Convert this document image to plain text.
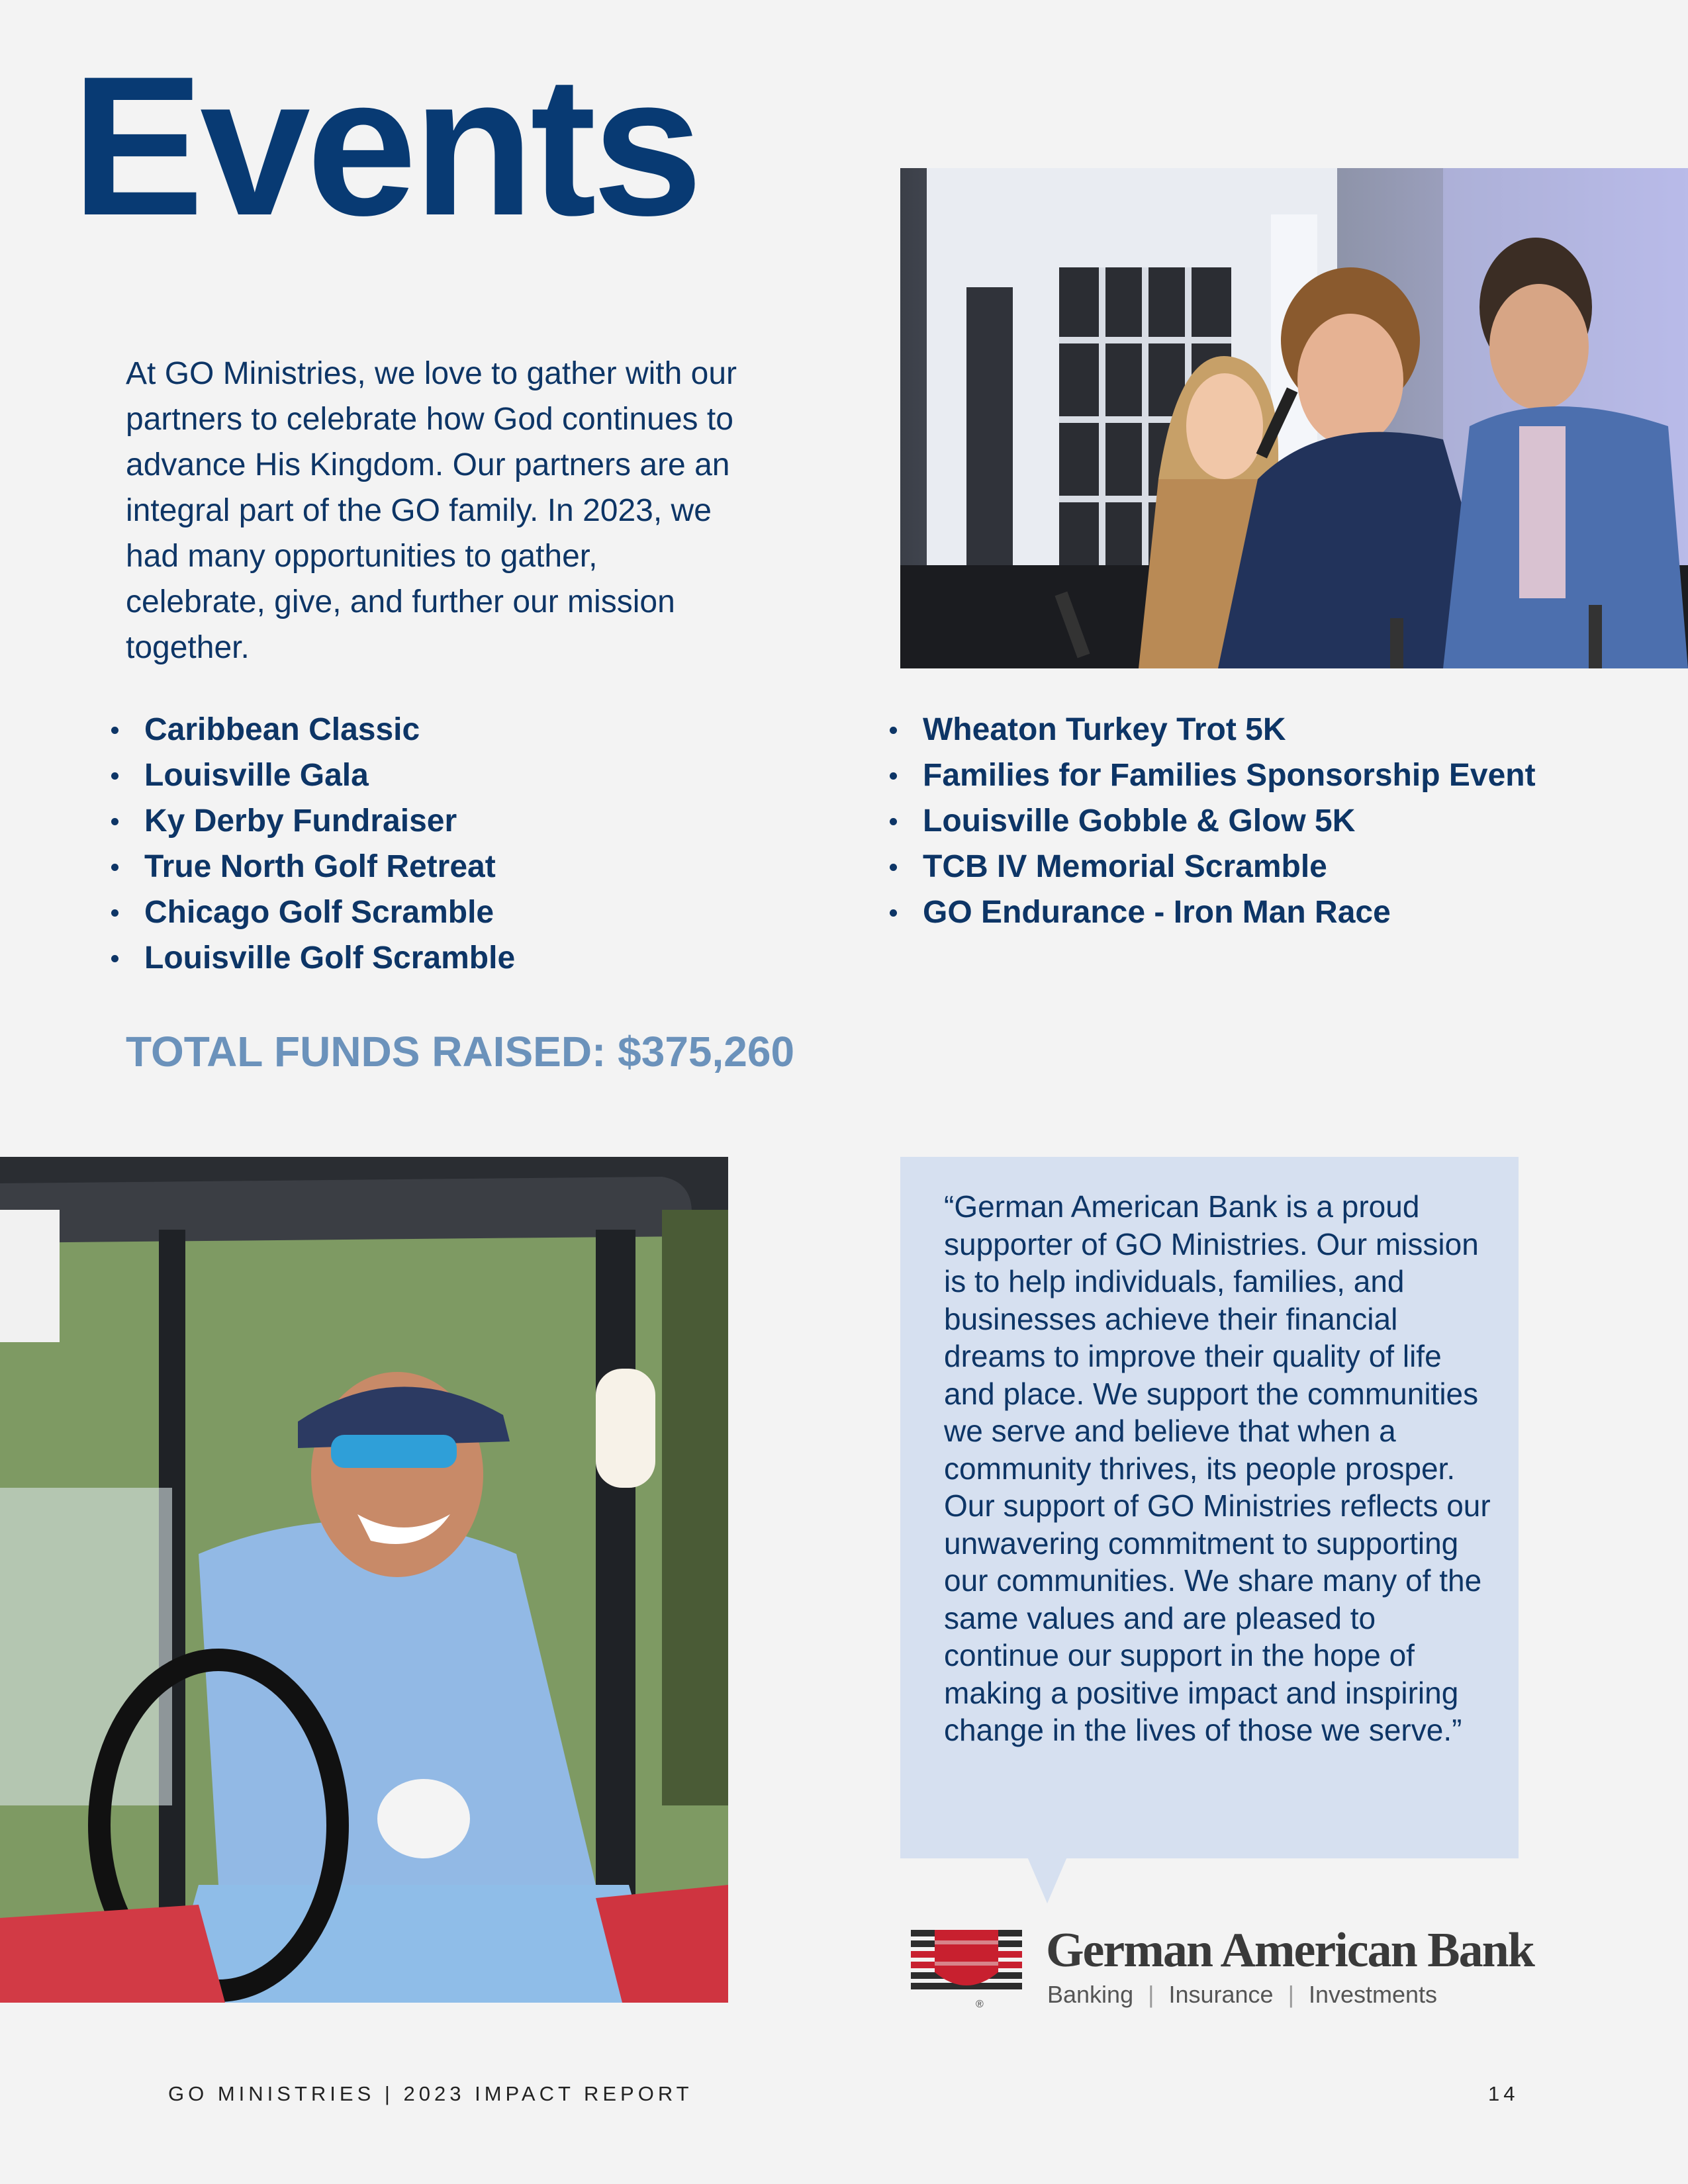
Events
At GO Ministries, we love to gather with our partners to celebrate how God continues to advance His Kingdom. Our partners are an integral part of the GO family. In 2023, we had many opportunities to gather, celebrate, give, and further our mission together.
Caribbean Classic
Louisville Gala
Ky Derby Fundraiser
True North Golf Retreat
Chicago Golf Scramble
Louisville Golf Scramble
Wheaton Turkey Trot 5K
Families for Families Sponsorship Event
Louisville Gobble & Glow 5K
TCB IV Memorial Scramble
GO Endurance - Iron Man Race
TOTAL FUNDS RAISED: $375,260
“German American Bank is a proud supporter of GO Ministries. Our mission is to help individuals, families, and businesses achieve their financial dreams to improve their quality of life and place. We support the communities we serve and believe that when a community thrives, its people prosper. Our support of GO Ministries reflects our unwavering commitment to supporting our communities. We share many of the same values and are pleased to continue our support in the hope of making a positive impact and inspiring change in the lives of those we serve.”
®
German American Bank
Banking | Insurance | Investments
GO MINISTRIES | 2023 IMPACT REPORT	14
